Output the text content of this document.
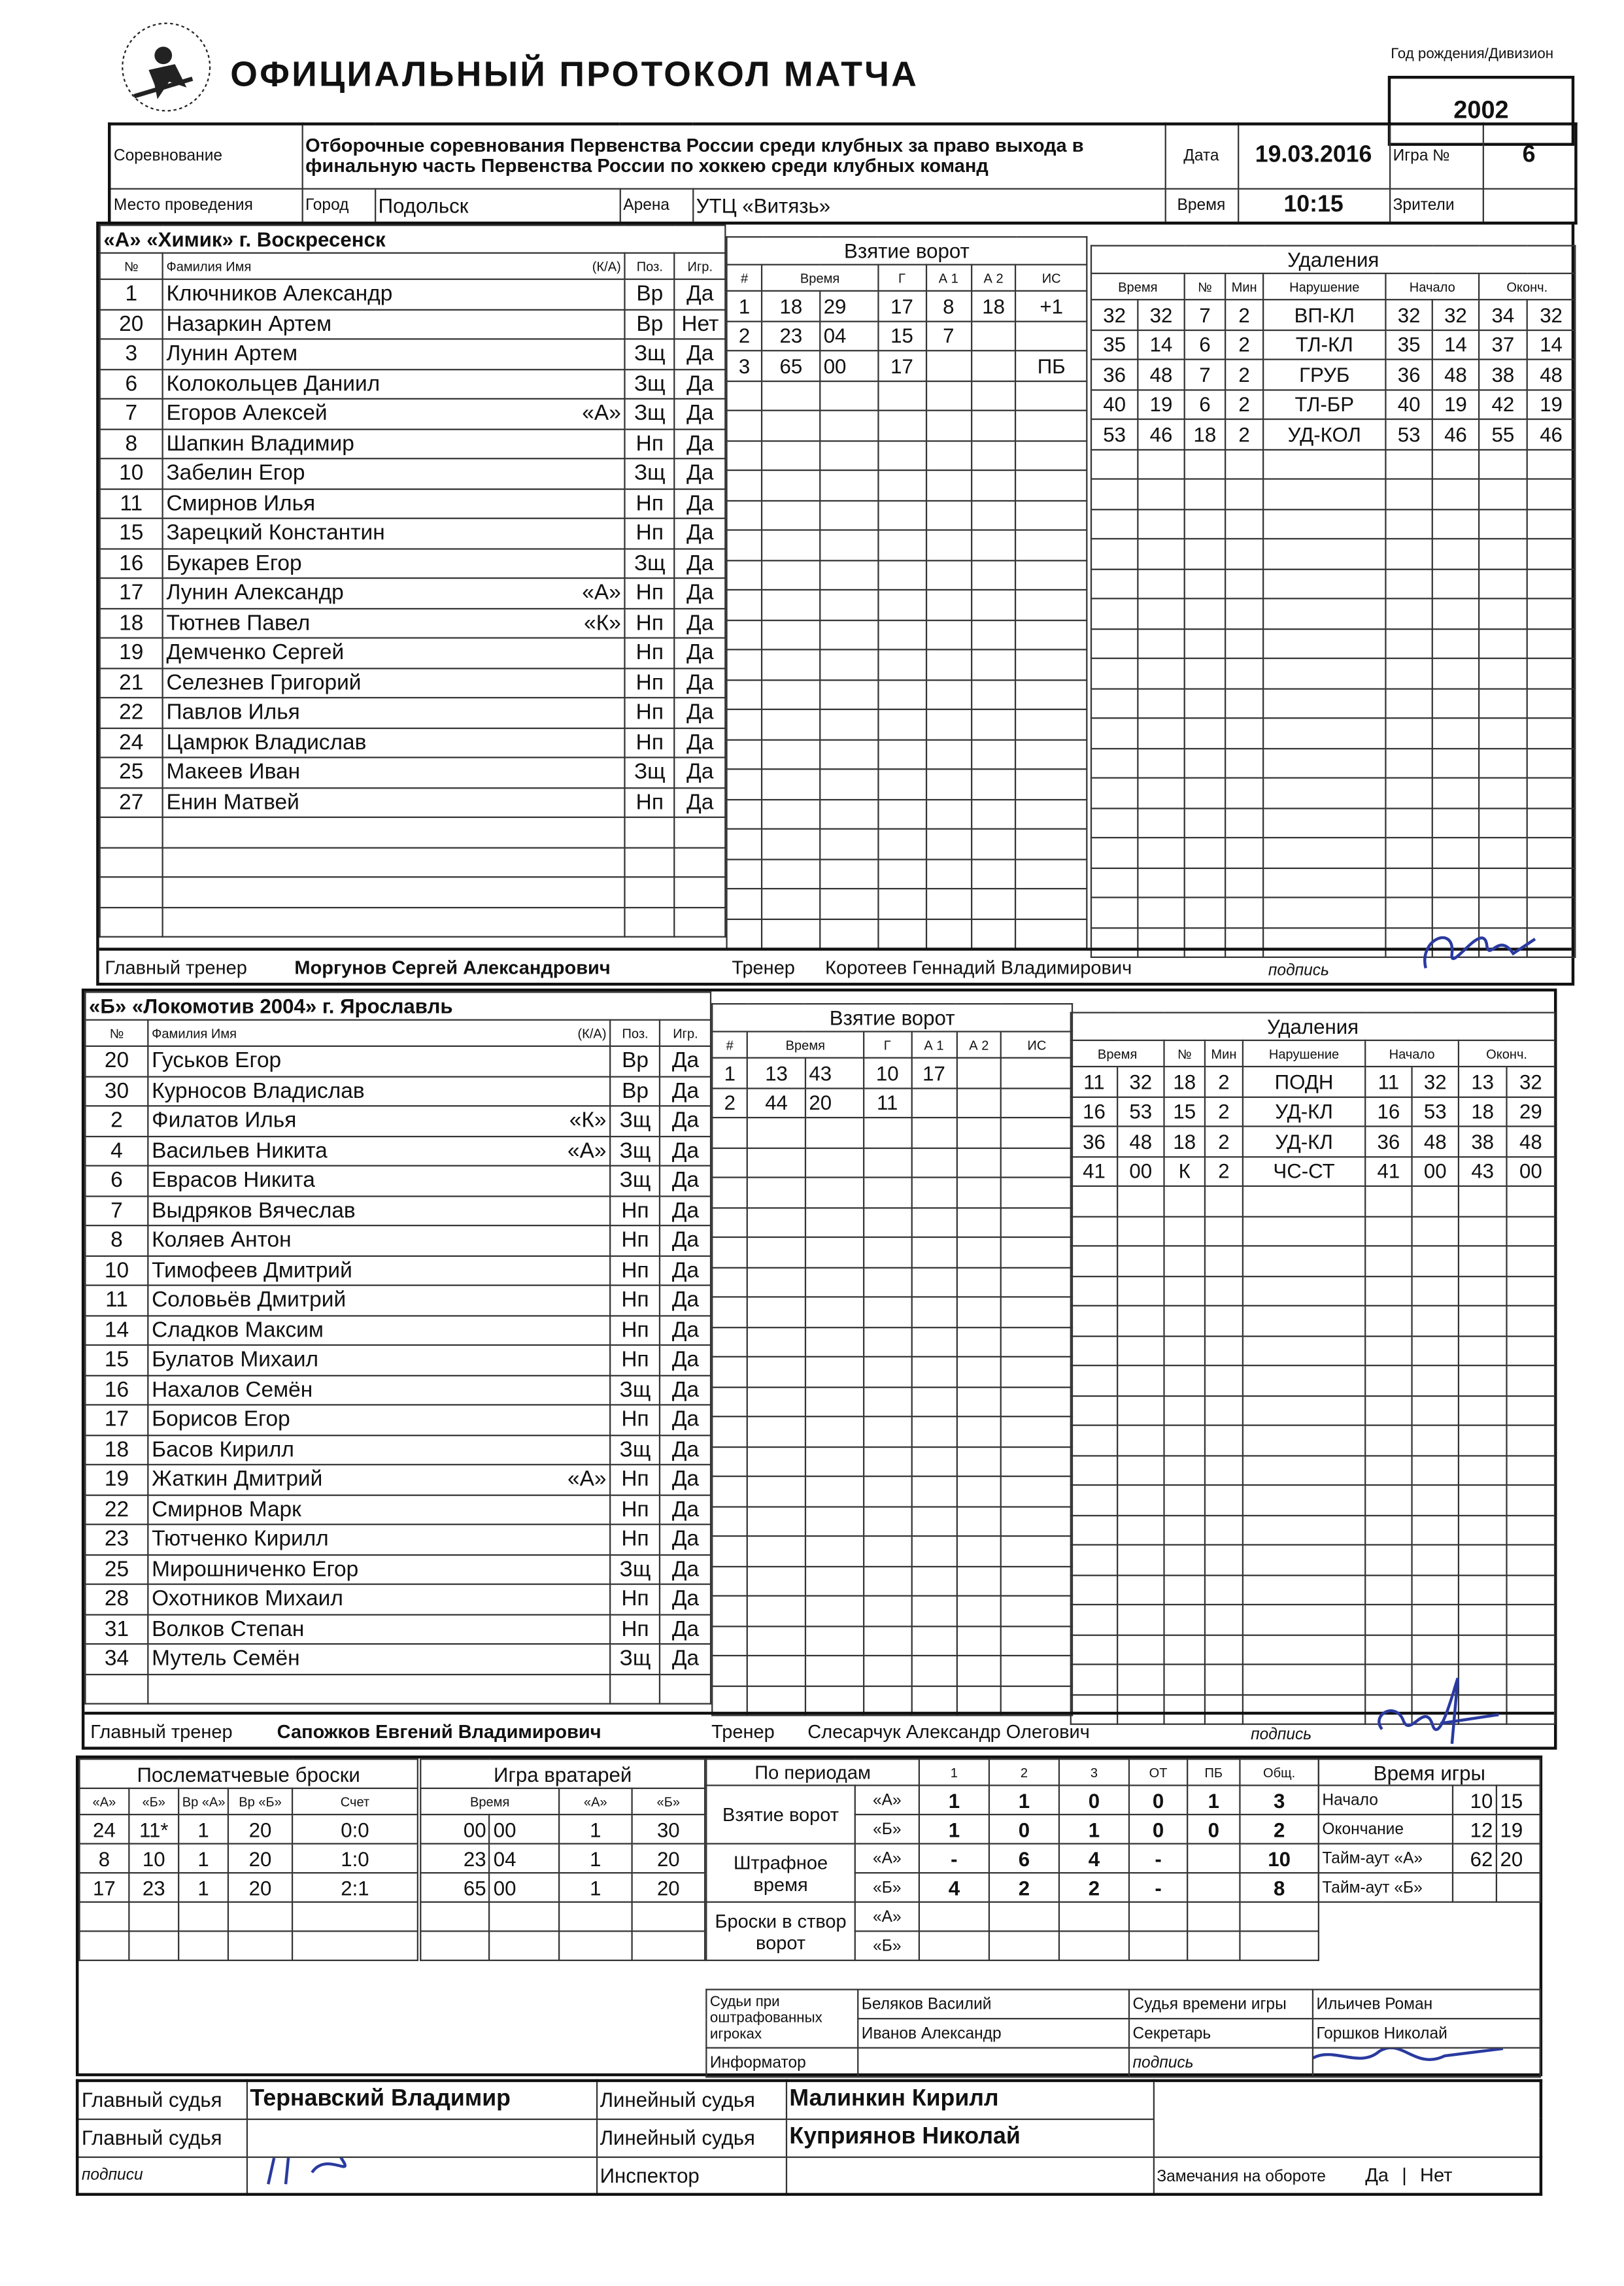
ОФИЦИАЛЬНЫЙ ПРОТОКОЛ МАТЧА
Год рождения/Дивизион
2002
Соревнование	Отборочные соревнования Первенства России среди клубных за право выхода в финальную часть Первенства России по хоккею среди клубных команд				Дата	19.03.2016	Игра №	6
Место проведения	Город	Подольск	Арена	УТЦ «Витязь»	Время	10:15	Зрители	
«А» «Химик» г. Воскресенск			
№	Фамилия Имя (К/А)	Поз.	Игр.
1	Ключников Александр	Вр	Да
20	Назаркин Артем	Вр	Нет
3	Лунин Артем	Зщ	Да
6	Колокольцев Даниил	Зщ	Да
7	Егоров Алексей «А»	Зщ	Да
8	Шапкин Владимир	Нп	Да
10	Забелин Егор	Зщ	Да
11	Смирнов Илья	Нп	Да
15	Зарецкий Константин	Нп	Да
16	Букарев Егор	Зщ	Да
17	Лунин Александр «А»	Нп	Да
18	Тютнев Павел «К»	Нп	Да
19	Демченко Сергей	Нп	Да
21	Селезнев Григорий	Нп	Да
22	Павлов Илья	Нп	Да
24	Цамрюк Владислав	Нп	Да
25	Макеев Иван	Зщ	Да
27	Енин Матвей	Нп	Да

Взятие ворот						
#	Время		Г	А 1	А 2	ИС
1	18	29	17	8	18	+1
2	23	04	15	7		
3	65	00	17			ПБ

Удаления								
Время		№	Мин	Нарушение	Начало		Оконч.	
32	32	7	2	ВП-КЛ	32	32	34	32
35	14	6	2	ТЛ-КЛ	35	14	37	14
36	48	7	2	ГРУБ	36	48	38	48
40	19	6	2	ТЛ-БР	40	19	42	19
53	46	18	2	УД-КОЛ	53	46	55	46

Главный тренер	Моргунов Сергей Александрович	Тренер	Коротеев Геннадий Владимирович	подпись
«Б» «Локомотив 2004» г. Ярославль			
№	Фамилия Имя (К/А)	Поз.	Игр.
20	Гуськов Егор	Вр	Да
30	Курносов Владислав	Вр	Да
2	Филатов Илья «К»	Зщ	Да
4	Васильев Никита «А»	Зщ	Да
6	Еврасов Никита	Зщ	Да
7	Выдряков Вячеслав	Нп	Да
8	Коляев Антон	Нп	Да
10	Тимофеев Дмитрий	Нп	Да
11	Соловьёв Дмитрий	Нп	Да
14	Сладков Максим	Нп	Да
15	Булатов Михаил	Нп	Да
16	Нахалов Семён	Зщ	Да
17	Борисов Егор	Нп	Да
18	Басов Кирилл	Зщ	Да
19	Жаткин Дмитрий «А»	Нп	Да
22	Смирнов Марк	Нп	Да
23	Тютченко Кирилл	Нп	Да
25	Мирошниченко Егор	Зщ	Да
28	Охотников Михаил	Нп	Да
31	Волков Степан	Нп	Да
34	Мутель Семён	Зщ	Да

Взятие ворот						
#	Время		Г	А 1	А 2	ИС
1	13	43	10	17		
2	44	20	11			

Удаления								
Время		№	Мин	Нарушение	Начало		Оконч.	
11	32	18	2	ПОДН	11	32	13	32
16	53	15	2	УД-КЛ	16	53	18	29
36	48	18	2	УД-КЛ	36	48	38	48
41	00	К	2	ЧС-СТ	41	00	43	00

Главный тренер	Сапожков Евгений Владимирович	Тренер	Слесарчук Александр Олегович	подпись
Послематчевые броски				
«А»	«Б»	Вр «А»	Вр «Б»	Счет
24	11*	1	20	0:0
8	10	1	20	1:0
17	23	1	20	2:1

Игра вратарей			
Время		«А»	«Б»
00	00	1	30
23	04	1	20
65	00	1	20

По периодам		1	2	3	ОТ	ПБ	Общ.
Взятие ворот	«А»	1	1	0	0	1	3
	«Б»	1	0	1	0	0	2
Штрафное время	«А»	-	6	4	-		10
	«Б»	4	2	2	-		8
Броски в створ ворот	«А»						
	«Б»						
Время игры		
Начало	10	15
Окончание	12	19
Тайм-аут «А»	62	20
Тайм-аут «Б»		
Судьи при оштрафованных игроках	Беляков Василий	Судья времени игры	Ильичев Роман
	Иванов Александр	Секретарь	Горшков Николай
Информатор		подпись	
Главный судья	Тернавский Владимир	Линейный судья	Малинкин Кирилл	
Главный судья		Линейный судья	Куприянов Николай	
подписи		Инспектор		Замечания на обороте Да | Нет
